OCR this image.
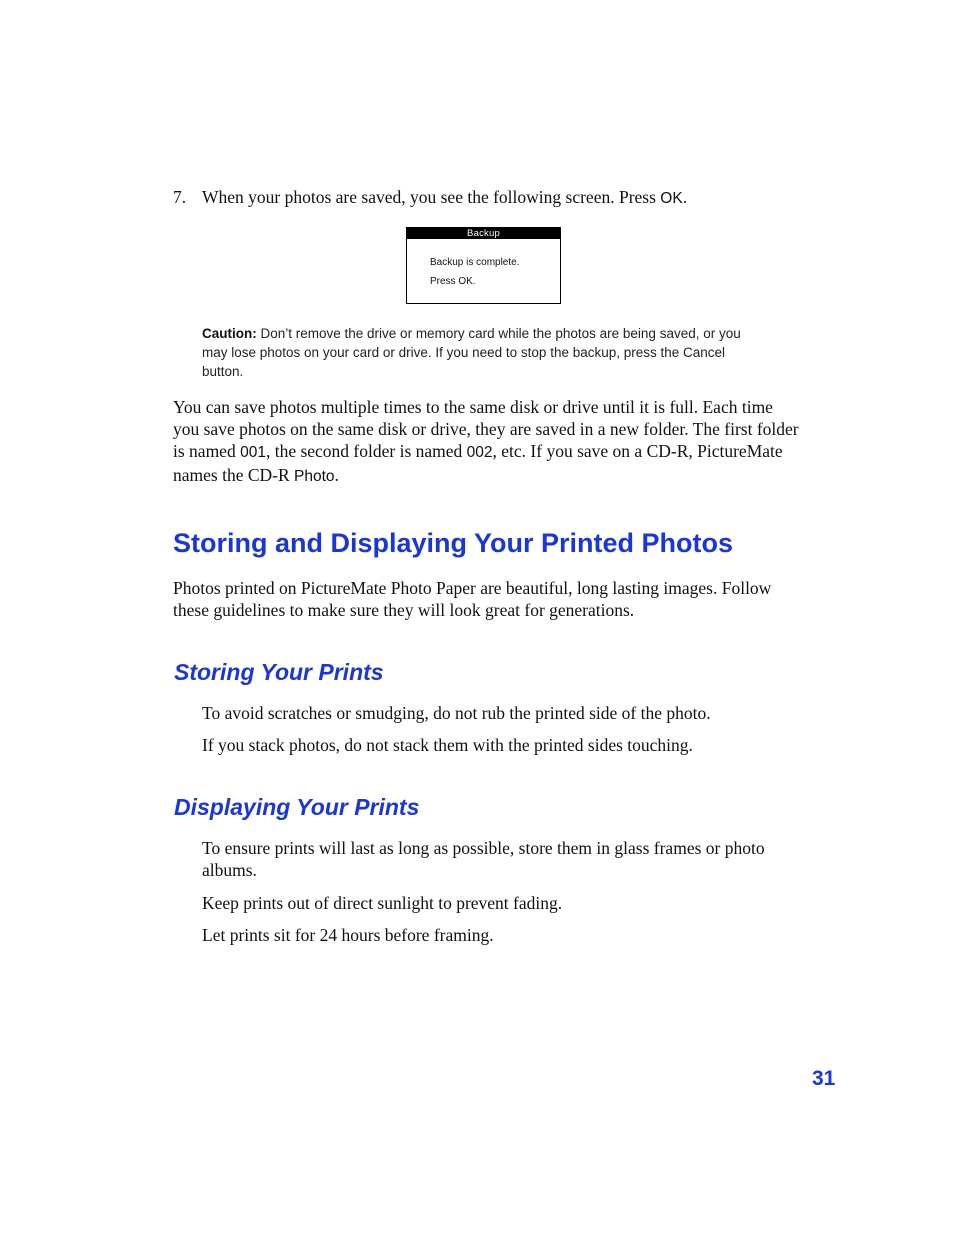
7. When your photos are saved, you see the following screen. Press OK.
Backup
Backup is complete.
Press OK.
Caution: Don’t remove the drive or memory card while the photos are being saved, or you may lose photos on your card or drive. If you need to stop the backup, press the Cancel button.
You can save photos multiple times to the same disk or drive until it is full. Each time you save photos on the same disk or drive, they are saved in a new folder. The first folder is named 001, the second folder is named 002, etc. If you save on a CD-R, PictureMate names the CD-R Photo.
Storing and Displaying Your Printed Photos
Photos printed on PictureMate Photo Paper are beautiful, long lasting images. Follow these guidelines to make sure they will look great for generations.
Storing Your Prints
To avoid scratches or smudging, do not rub the printed side of the photo.
If you stack photos, do not stack them with the printed sides touching.
Displaying Your Prints
To ensure prints will last as long as possible, store them in glass frames or photo albums.
Keep prints out of direct sunlight to prevent fading.
Let prints sit for 24 hours before framing.
31
